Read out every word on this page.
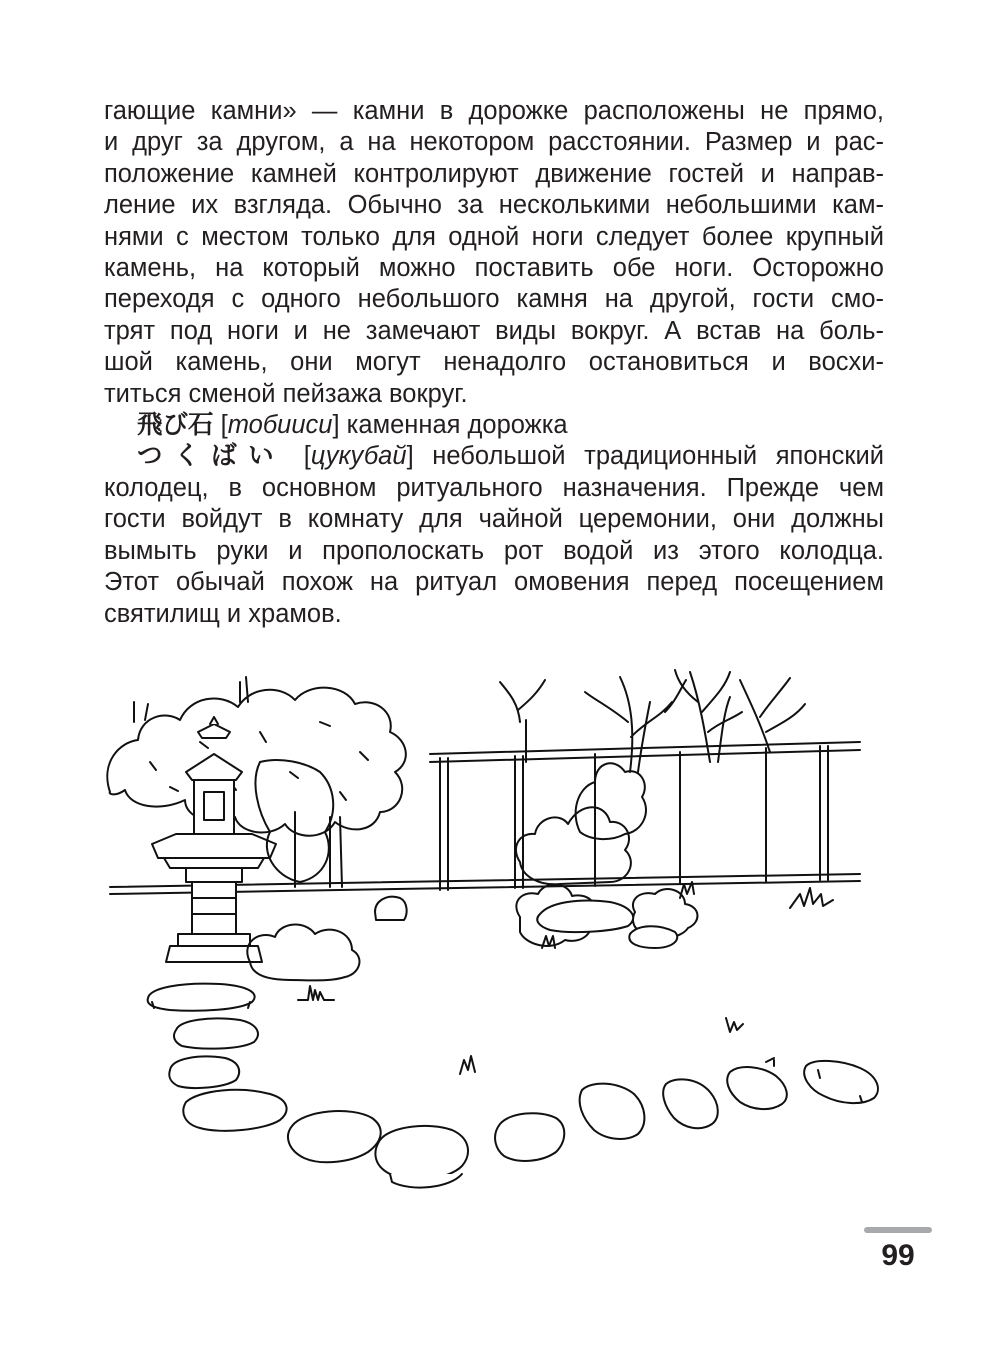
гающие камни» — камни в дорожке расположены не прямо,
и друг за другом, а на некотором расстоянии. Размер и рас-
положение камней контролируют движение гостей и направ-
ление их взгляда. Обычно за несколькими небольшими кам-
нями с местом только для одной ноги следует более крупный
камень, на который можно поставить обе ноги. Осторожно
переходя с одного небольшого камня на другой, гости смо-
трят под ноги и не замечают виды вокруг. А встав на боль-
шой камень, они могут ненадолго остановиться и восхи-
титься сменой пейзажа вокруг.
飛び石 [тобииси] каменная дорожка
つくばい [цукубай] небольшой традиционный японский
колодец, в основном ритуального назначения. Прежде чем
гости войдут в комнату для чайной церемонии, они должны
вымыть руки и прополоскать рот водой из этого колодца.
Этот обычай похож на ритуал омовения перед посещением
святилищ и храмов.
99
